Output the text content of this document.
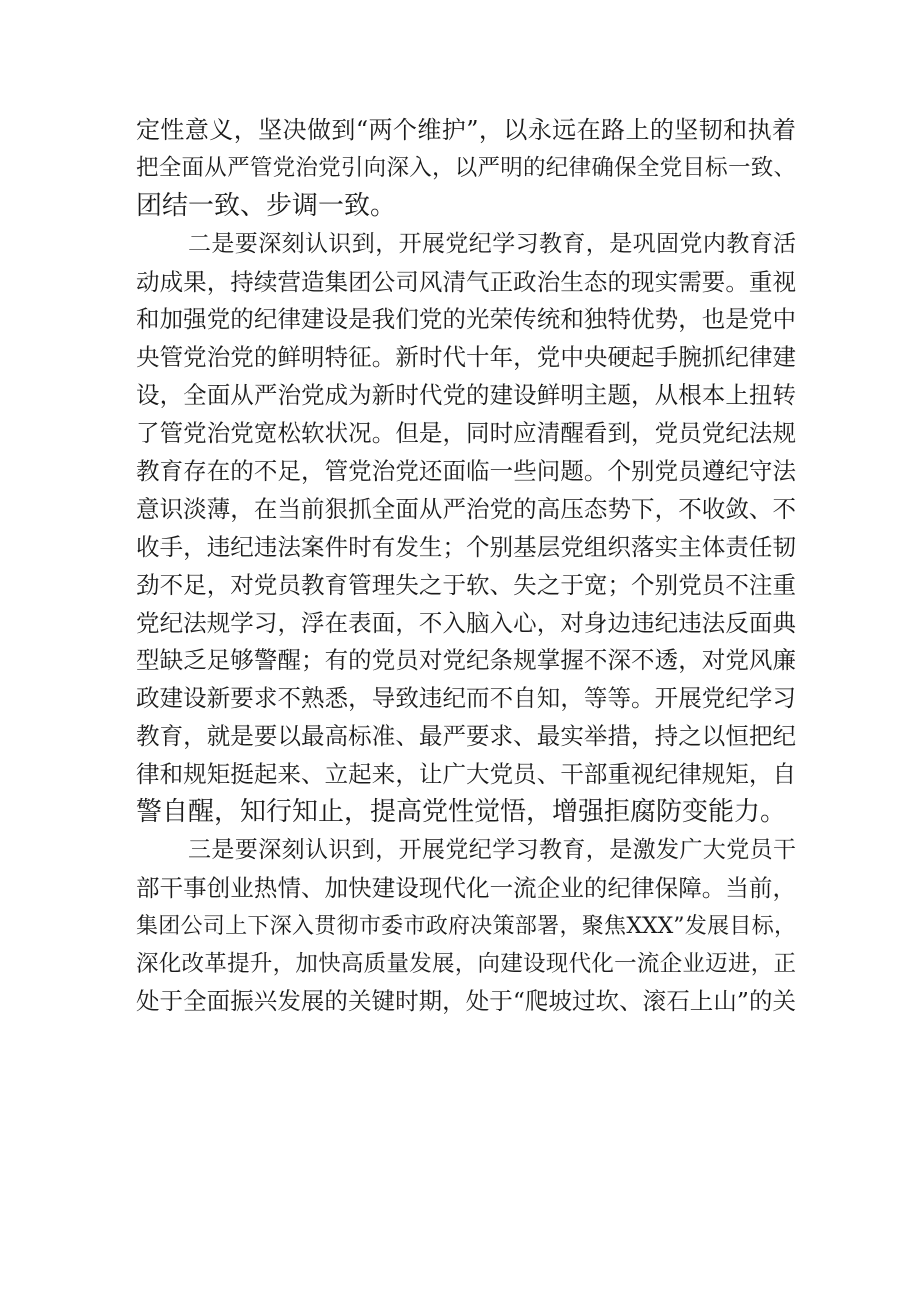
定性意义，坚决做到“两个维护”，以永远在路上的坚韧和执着
把全面从严管党治党引向深入，以严明的纪律确保全党目标一致、
团结一致、步调一致。
二是要深刻认识到，开展党纪学习教育，是巩固党内教育活
动成果，持续营造集团公司风清气正政治生态的现实需要。重视
和加强党的纪律建设是我们党的光荣传统和独特优势，也是党中
央管党治党的鲜明特征。新时代十年，党中央硬起手腕抓纪律建
设，全面从严治党成为新时代党的建设鲜明主题，从根本上扭转
了管党治党宽松软状况。但是，同时应清醒看到，党员党纪法规
教育存在的不足，管党治党还面临一些问题。个别党员遵纪守法
意识淡薄，在当前狠抓全面从严治党的高压态势下，不收敛、不
收手，违纪违法案件时有发生；个别基层党组织落实主体责任韧
劲不足，对党员教育管理失之于软、失之于宽；个别党员不注重
党纪法规学习，浮在表面，不入脑入心，对身边违纪违法反面典
型缺乏足够警醒；有的党员对党纪条规掌握不深不透，对党风廉
政建设新要求不熟悉，导致违纪而不自知，等等。开展党纪学习
教育，就是要以最高标准、最严要求、最实举措，持之以恒把纪
律和规矩挺起来、立起来，让广大党员、干部重视纪律规矩，自
警自醒，知行知止，提高党性觉悟，增强拒腐防变能力。
三是要深刻认识到，开展党纪学习教育，是激发广大党员干
部干事创业热情、加快建设现代化一流企业的纪律保障。当前，
集团公司上下深入贯彻市委市政府决策部署，聚焦XXX”发展目标，
深化改革提升，加快高质量发展，向建设现代化一流企业迈进，正
处于全面振兴发展的关键时期，处于“爬坡过坎、滚石上山”的关
